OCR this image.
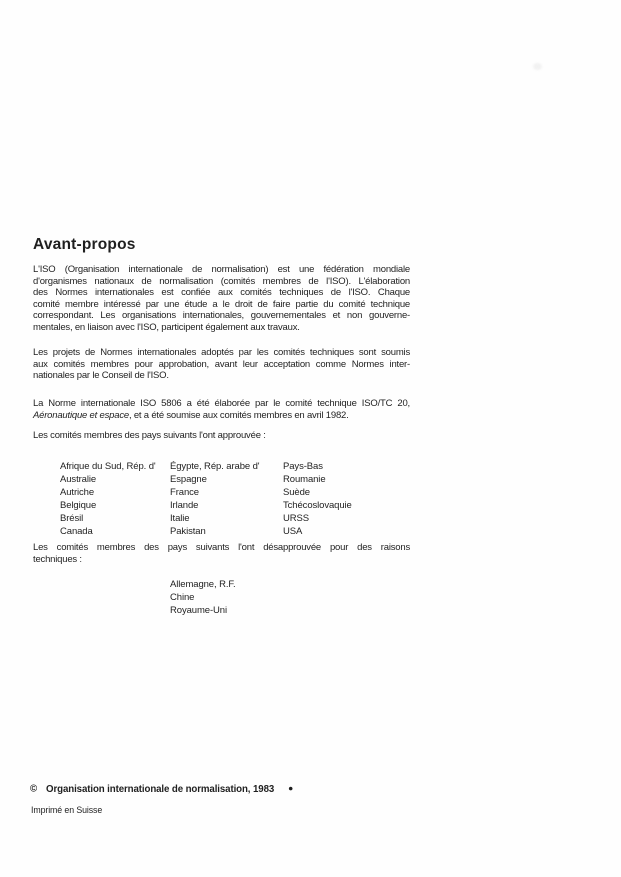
Avant-propos
L'ISO (Organisation internationale de normalisation) est une fédération mondiale
d'organismes nationaux de normalisation (comités membres de l'ISO). L'élaboration
des Normes internationales est confiée aux comités techniques de l'ISO. Chaque
comité membre intéressé par une étude a le droit de faire partie du comité technique
correspondant. Les organisations internationales, gouvernementales et non gouverne-
mentales, en liaison avec l'ISO, participent également aux travaux.
Les projets de Normes internationales adoptés par les comités techniques sont soumis
aux comités membres pour approbation, avant leur acceptation comme Normes inter-
nationales par le Conseil de l'ISO.
La Norme internationale ISO 5806 a été élaborée par le comité technique ISO/TC 20,
Aéronautique et espace, et a été soumise aux comités membres en avril 1982.
Les comités membres des pays suivants l'ont approuvée :
Afrique du Sud, Rép. d'
Australie
Autriche
Belgique
Brésil
Canada
Égypte, Rép. arabe d'
Espagne
France
Irlande
Italie
Pakistan
Pays-Bas
Roumanie
Suède
Tchécoslovaquie
URSS
USA
Les comités membres des pays suivants l'ont désapprouvée pour des raisons
techniques :
Allemagne, R.F.
Chine
Royaume-Uni
© Organisation internationale de normalisation, 1983 ●
Imprimé en Suisse
